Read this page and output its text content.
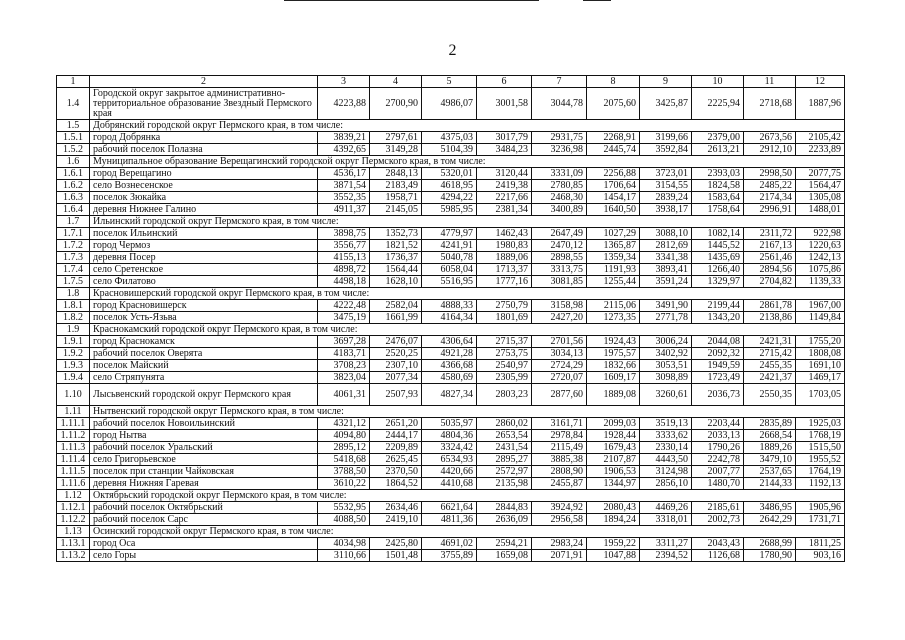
2
1	2	3	4	5	6	7	8	9	10	11	12
1.4	Городской округ закрытое административно-территориальное образование Звездный Пермского края	4223,88	2700,90	4986,07	3001,58	3044,78	2075,60	3425,87	2225,94	2718,68	1887,96
1.5	Добрянский городской округ Пермского края, в том числе:										
1.5.1	город Добрянка	3839,21	2797,61	4375,03	3017,79	2931,75	2268,91	3199,66	2379,00	2673,56	2105,42
1.5.2	рабочий поселок Полазна	4392,65	3149,28	5104,39	3484,23	3236,98	2445,74	3592,84	2613,21	2912,10	2233,89
1.6	Муниципальное образование Верещагинский городской округ Пермского края, в том числе:										
1.6.1	город Верещагино	4536,17	2848,13	5320,01	3120,44	3331,09	2256,88	3723,01	2393,03	2998,50	2077,75
1.6.2	село Вознесенское	3871,54	2183,49	4618,95	2419,38	2780,85	1706,64	3154,55	1824,58	2485,22	1564,47
1.6.3	поселок Зюкайка	3552,35	1958,71	4294,22	2217,66	2468,30	1454,17	2839,24	1583,64	2174,34	1305,08
1.6.4	деревня Нижнее Галино	4911,37	2145,05	5985,95	2381,34	3400,89	1640,50	3938,17	1758,64	2996,91	1488,01
1.7	Ильинский городской округ Пермского края, в том числе:										
1.7.1	поселок Ильинский	3898,75	1352,73	4779,97	1462,43	2647,49	1027,29	3088,10	1082,14	2311,72	922,98
1.7.2	город Чермоз	3556,77	1821,52	4241,91	1980,83	2470,12	1365,87	2812,69	1445,52	2167,13	1220,63
1.7.3	деревня Посер	4155,13	1736,37	5040,78	1889,06	2898,55	1359,34	3341,38	1435,69	2561,46	1242,13
1.7.4	село Сретенское	4898,72	1564,44	6058,04	1713,37	3313,75	1191,93	3893,41	1266,40	2894,56	1075,86
1.7.5	село Филатово	4498,18	1628,10	5516,95	1777,16	3081,85	1255,44	3591,24	1329,97	2704,82	1139,33
1.8	Красновишерский городской округ Пермского края, в том числе:										
1.8.1	город Красновишерск	4222,48	2582,04	4888,33	2750,79	3158,98	2115,06	3491,90	2199,44	2861,78	1967,00
1.8.2	поселок Усть-Язьва	3475,19	1661,99	4164,34	1801,69	2427,20	1273,35	2771,78	1343,20	2138,86	1149,84
1.9	Краснокамский городской округ Пермского края, в том числе:										
1.9.1	город Краснокамск	3697,28	2476,07	4306,64	2715,37	2701,56	1924,43	3006,24	2044,08	2421,31	1755,20
1.9.2	рабочий поселок Оверята	4183,71	2520,25	4921,28	2753,75	3034,13	1975,57	3402,92	2092,32	2715,42	1808,08
1.9.3	поселок Майский	3708,23	2307,10	4366,68	2540,97	2724,29	1832,66	3053,51	1949,59	2455,35	1691,10
1.9.4	село Стряпунята	3823,04	2077,34	4580,69	2305,99	2720,07	1609,17	3098,89	1723,49	2421,37	1469,17
1.10	Лысьвенский городской округ Пермского края	4061,31	2507,93	4827,34	2803,23	2877,60	1889,08	3260,61	2036,73	2550,35	1703,05
1.11	Нытвенский городской округ Пермского края, в том числе:										
1.11.1	рабочий поселок Новоильинский	4321,12	2651,20	5035,97	2860,02	3161,71	2099,03	3519,13	2203,44	2835,89	1925,03
1.11.2	город Нытва	4094,80	2444,17	4804,36	2653,54	2978,84	1928,44	3333,62	2033,13	2668,54	1768,19
1.11.3	рабочий поселок Уральский	2895,12	2209,89	3324,42	2431,54	2115,49	1679,43	2330,14	1790,26	1889,26	1515,50
1.11.4	село Григорьевское	5418,68	2625,45	6534,93	2895,27	3885,38	2107,87	4443,50	2242,78	3479,10	1955,52
1.11.5	поселок при станции Чайковская	3788,50	2370,50	4420,66	2572,97	2808,90	1906,53	3124,98	2007,77	2537,65	1764,19
1.11.6	деревня Нижняя Гаревая	3610,22	1864,52	4410,68	2135,98	2455,87	1344,97	2856,10	1480,70	2144,33	1192,13
1.12	Октябрьский городской округ Пермского края, в том числе:										
1.12.1	рабочий поселок Октябрьский	5532,95	2634,46	6621,64	2844,83	3924,92	2080,43	4469,26	2185,61	3486,95	1905,96
1.12.2	рабочий поселок Сарс	4088,50	2419,10	4811,36	2636,09	2956,58	1894,24	3318,01	2002,73	2642,29	1731,71
1.13	Осинский городской округ Пермского края, в том числе:										
1.13.1	город Оса	4034,98	2425,80	4691,02	2594,21	2983,24	1959,22	3311,27	2043,43	2688,99	1811,25
1.13.2	село Горы	3110,66	1501,48	3755,89	1659,08	2071,91	1047,88	2394,52	1126,68	1780,90	903,16
